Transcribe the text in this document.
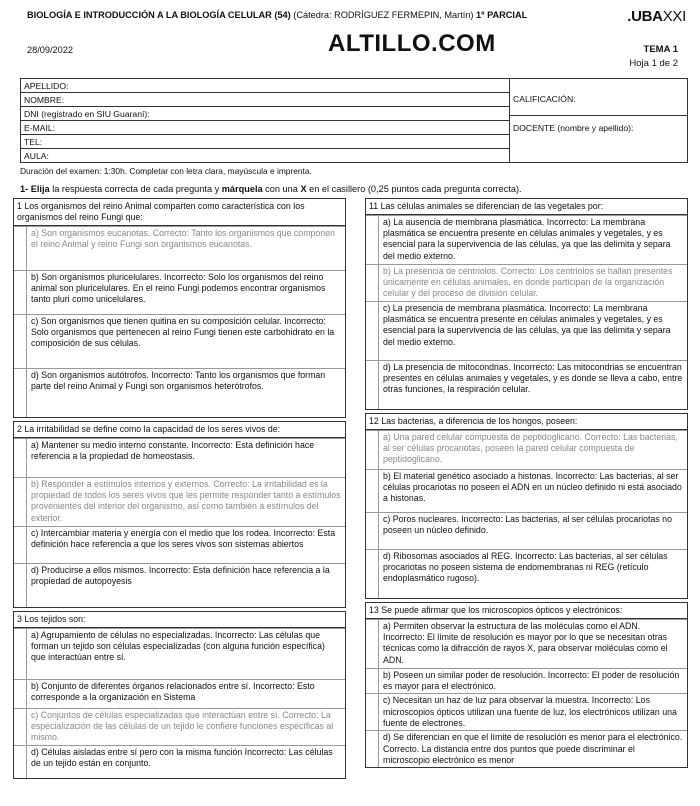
BIOLOGÍA E INTRODUCCIÓN A LA BIOLOGÍA CELULAR (54) (Cátedra: RODRÍGUEZ FERMEPIN, Martín) 1º PARCIAL	.UBAXXI
28/09/2022	ALTILLO.COM	TEMA 1
Hoja 1 de 2
APELLIDO:
NOMBRE:
DNI (registrado en SIU Guaraní):
E-MAIL:
TEL:
AULA:
CALIFICACIÓN:
DOCENTE (nombre y apellido):
Duración del examen: 1:30h. Completar con letra clara, mayúscula e imprenta.
1- Elija la respuesta correcta de cada pregunta y márquela con una X en el casillero (0,25 puntos cada pregunta correcta).
1 Los organismos del reino Animal comparten como característica con los organismos del reino Fungi que:
a) Son organismos eucanotas. Correcto: Tanto los organismos que componen el reino Animal y reino Fungi son organismos eucanotas.
b) Son organismos pluricelulares. Incorrecto: Solo los organismos del reino animal son pluricelulares. En el reino Fungi podemos encontrar organismos tanto pluri como unicelulares.
c) Son organismos que tienen quitina en su composición celular. Incorrecto: Solo organismos que pertenecen al reino Fungi tienen este carbohidrato en la composición de sus células.
d) Son organismos autótrofos. Incorrecto: Tanto los organismos que forman parte del reino Animal y Fungi son organismos heterótrofos.
2 La irritabilidad se define como la capacidad de los seres vivos de:
a) Mantener su medio interno constante. Incorrecto: Esta definición hace referencia a la propiedad de homeostasis.
b) Responder a estímulos internos y externos. Correcto: La irritabilidad es la propiedad de todos los seres vivos que les permite responder tanto a estímulos provenientes del interior del organismo, así como también a estímulos del exterior.
c) Intercambiar materia y energía con el medio que los rodea. Incorrecto: Esta definición hace referencia a que los seres vivos son sistemas abiertos
d) Producirse a ellos mismos. Incorrecto: Esta definición hace referencia a la propiedad de autopoyesis
3 Los tejidos son:
a) Agrupamiento de células no especializadas. Incorrecto: Las células que forman un tejido son células especializadas (con alguna función específica) que interactúan entre sí.
b) Conjunto de diferentes órganos relacionados entre sí. Incorrecto: Esto corresponde a la organización en Sistema
c) Conjuntos de células especializadas que interactúan entre sí. Correcto: La especialización de las células de un tejido le confiere funciones específicas al mismo.
d) Células aisladas entre sí pero con la misma función Incorrecto: Las células de un tejido están en conjunto.
11 Las células animales se diferencian de las vegetales por:
a) La ausencia de membrana plasmática. Incorrecto: La membrana plasmática se encuentra presente en células animales y vegetales, y es esencial para la supervivencia de las células, ya que las delimita y separa del medio externo.
b) La presencia de centriolos. Correcto: Los centriolos se hallan presentes únicamente en células animales, en donde participan de la organización celular y del proceso de división celular.
c) La presencia de membrana plasmática. Incorrecto: La membrana plasmática se encuentra presente en células animales y vegetales, y es esencial para la supervivencia de las células, ya que las delimita y separa del medio externo.
d) La presencia de mitocondrias. Incorrecto: Las mitocondrias se encuentran presentes en células animales y vegetales, y es donde se lleva a cabo, entre otras funciones, la respiración celular.
12 Las bacterias, a diferencia de los hongos, poseen:
a) Una pared celular compuesta de peptidoglicano. Correcto: Las bacterias, al ser células procariotas, poseen la pared celular compuesta de peptidoglicano.
b) El material genético asociado a histonas. Incorrecto: Las bacterias, al ser células procariotas no poseen el ADN en un núcleo definido ni está asociado a histonas.
c) Poros nucleares. Incorrecto: Las bacterias, al ser células procariotas no poseen un núcleo definido.
d) Ribosomas asociados al REG. Incorrecto: Las bacterias, al ser células procariotas no poseen sistema de endomembranas ni REG (retículo endoplasmático rugoso).
13 Se puede afirmar que los microscopios ópticos y electrónicos:
a) Permiten observar la estructura de las moléculas como el ADN. Incorrecto: El límite de resolución es mayor por lo que se necesitan otras técnicas como la difracción de rayos X, para observar moléculas como el ADN.
b) Poseen un similar poder de resolución. Incorrecto: El poder de resolución es mayor para el electrónico.
c) Necesitan un haz de luz para observar la muestra. Incorrecto: Los microscopios ópticos utilizan una fuente de luz, los electrónicos utilizan una fuente de electrones.
d) Se diferencian en que el límite de resolución es menor para el electrónico. Correcto. La distancia entre dos puntos que puede discriminar el microscopio electrónico es menor
